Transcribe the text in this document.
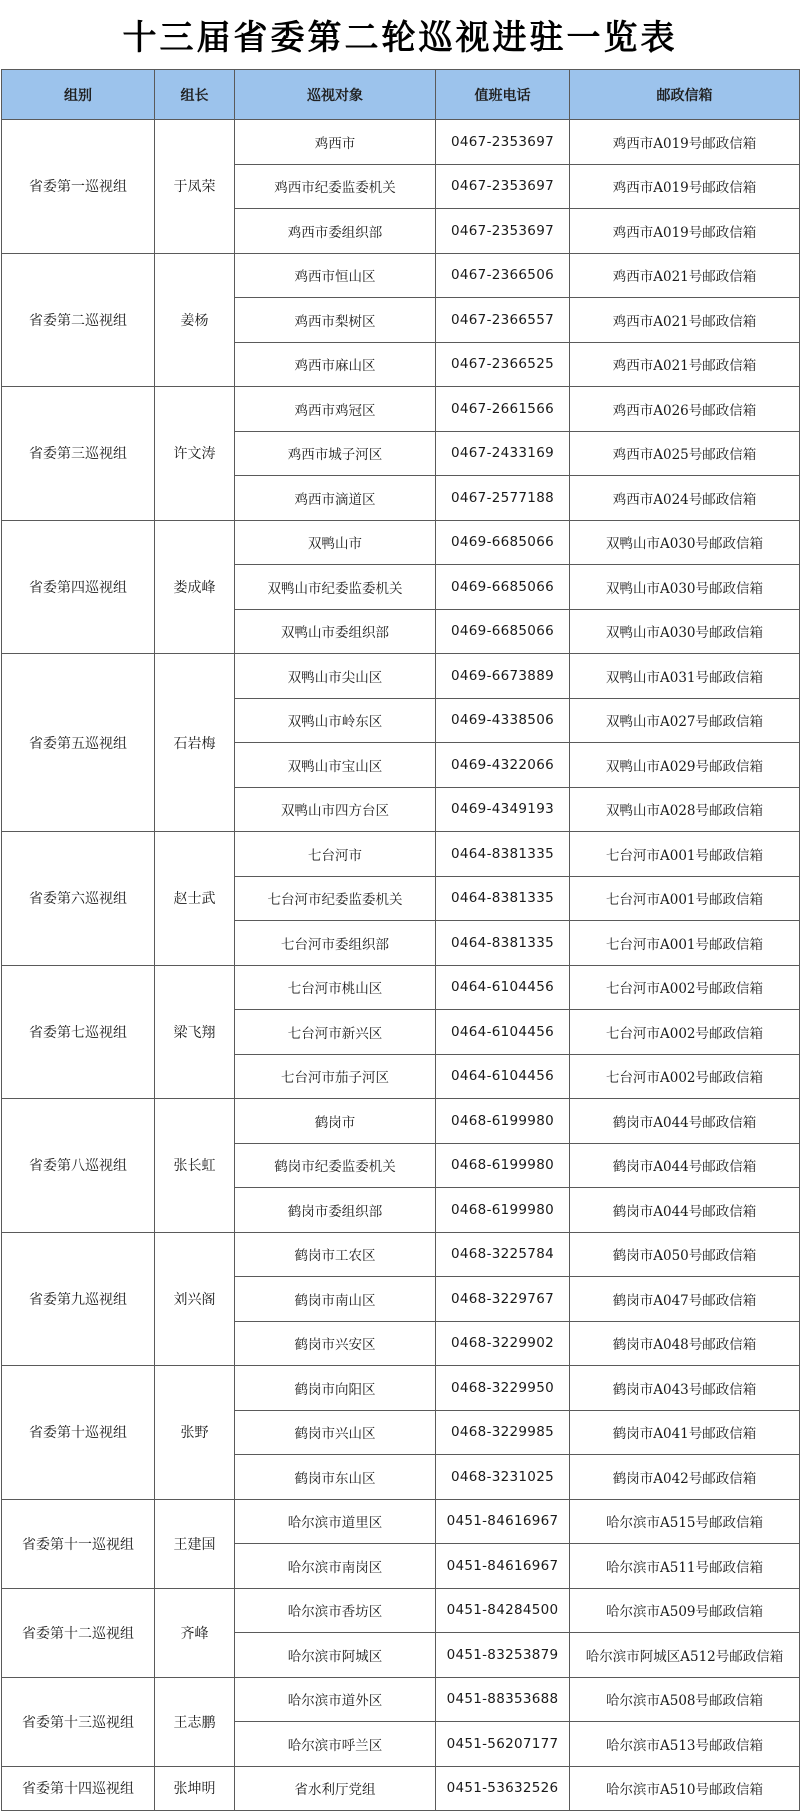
十三届省委第二轮巡视进驻一览表
组别	组长	巡视对象	值班电话	邮政信箱
省委第一巡视组	于凤荣	鸡西市	0467-2353697	鸡西市A019号邮政信箱
		鸡西市纪委监委机关	0467-2353697	鸡西市A019号邮政信箱
		鸡西市委组织部	0467-2353697	鸡西市A019号邮政信箱
省委第二巡视组	姜杨	鸡西市恒山区	0467-2366506	鸡西市A021号邮政信箱
		鸡西市梨树区	0467-2366557	鸡西市A021号邮政信箱
		鸡西市麻山区	0467-2366525	鸡西市A021号邮政信箱
省委第三巡视组	许文涛	鸡西市鸡冠区	0467-2661566	鸡西市A026号邮政信箱
		鸡西市城子河区	0467-2433169	鸡西市A025号邮政信箱
		鸡西市滴道区	0467-2577188	鸡西市A024号邮政信箱
省委第四巡视组	娄成峰	双鸭山市	0469-6685066	双鸭山市A030号邮政信箱
		双鸭山市纪委监委机关	0469-6685066	双鸭山市A030号邮政信箱
		双鸭山市委组织部	0469-6685066	双鸭山市A030号邮政信箱
省委第五巡视组	石岩梅	双鸭山市尖山区	0469-6673889	双鸭山市A031号邮政信箱
		双鸭山市岭东区	0469-4338506	双鸭山市A027号邮政信箱
		双鸭山市宝山区	0469-4322066	双鸭山市A029号邮政信箱
		双鸭山市四方台区	0469-4349193	双鸭山市A028号邮政信箱
省委第六巡视组	赵士武	七台河市	0464-8381335	七台河市A001号邮政信箱
		七台河市纪委监委机关	0464-8381335	七台河市A001号邮政信箱
		七台河市委组织部	0464-8381335	七台河市A001号邮政信箱
省委第七巡视组	梁飞翔	七台河市桃山区	0464-6104456	七台河市A002号邮政信箱
		七台河市新兴区	0464-6104456	七台河市A002号邮政信箱
		七台河市茄子河区	0464-6104456	七台河市A002号邮政信箱
省委第八巡视组	张长虹	鹤岗市	0468-6199980	鹤岗市A044号邮政信箱
		鹤岗市纪委监委机关	0468-6199980	鹤岗市A044号邮政信箱
		鹤岗市委组织部	0468-6199980	鹤岗市A044号邮政信箱
省委第九巡视组	刘兴阁	鹤岗市工农区	0468-3225784	鹤岗市A050号邮政信箱
		鹤岗市南山区	0468-3229767	鹤岗市A047号邮政信箱
		鹤岗市兴安区	0468-3229902	鹤岗市A048号邮政信箱
省委第十巡视组	张野	鹤岗市向阳区	0468-3229950	鹤岗市A043号邮政信箱
		鹤岗市兴山区	0468-3229985	鹤岗市A041号邮政信箱
		鹤岗市东山区	0468-3231025	鹤岗市A042号邮政信箱
省委第十一巡视组	王建国	哈尔滨市道里区	0451-84616967	哈尔滨市A515号邮政信箱
		哈尔滨市南岗区	0451-84616967	哈尔滨市A511号邮政信箱
省委第十二巡视组	齐峰	哈尔滨市香坊区	0451-84284500	哈尔滨市A509号邮政信箱
		哈尔滨市阿城区	0451-83253879	哈尔滨市阿城区A512号邮政信箱
省委第十三巡视组	王志鹏	哈尔滨市道外区	0451-88353688	哈尔滨市A508号邮政信箱
		哈尔滨市呼兰区	0451-56207177	哈尔滨市A513号邮政信箱
省委第十四巡视组	张坤明	省水利厅党组	0451-53632526	哈尔滨市A510号邮政信箱
